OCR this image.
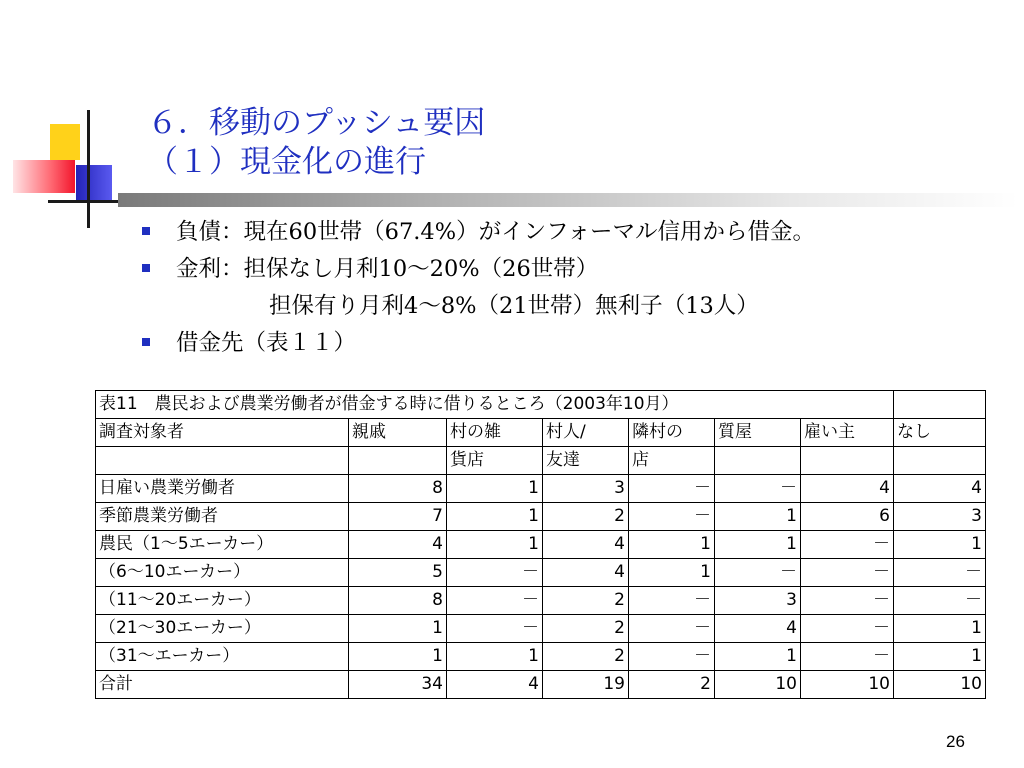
６．移動のプッシュ要因
（１）現金化の進行
負債：現在60世帯（67.4%）がインフォーマル信用から借金。
金利：担保なし月利10～20%（26世帯）
担保有り月利4～8%（21世帯）無利子（13人）
借金先（表１１）
表11　農民および農業労働者が借金する時に借りるところ（2003年10月）							
調査対象者	親戚	村の雑	村人/	隣村の	質屋	雇い主	なし
		貨店	友達	店			
日雇い農業労働者	8	1	3	－	－	4	4
季節農業労働者	7	1	2	－	1	6	3
農民（1～5エーカー）	4	1	4	1	1	－	1
（6～10エーカー）	5	－	4	1	－	－	－
（11～20エーカー）	8	－	2	－	3	－	－
（21～30エーカー）	1	－	2	－	4	－	1
（31～エーカー）	1	1	2	－	1	－	1
合計	34	4	19	2	10	10	10
26
